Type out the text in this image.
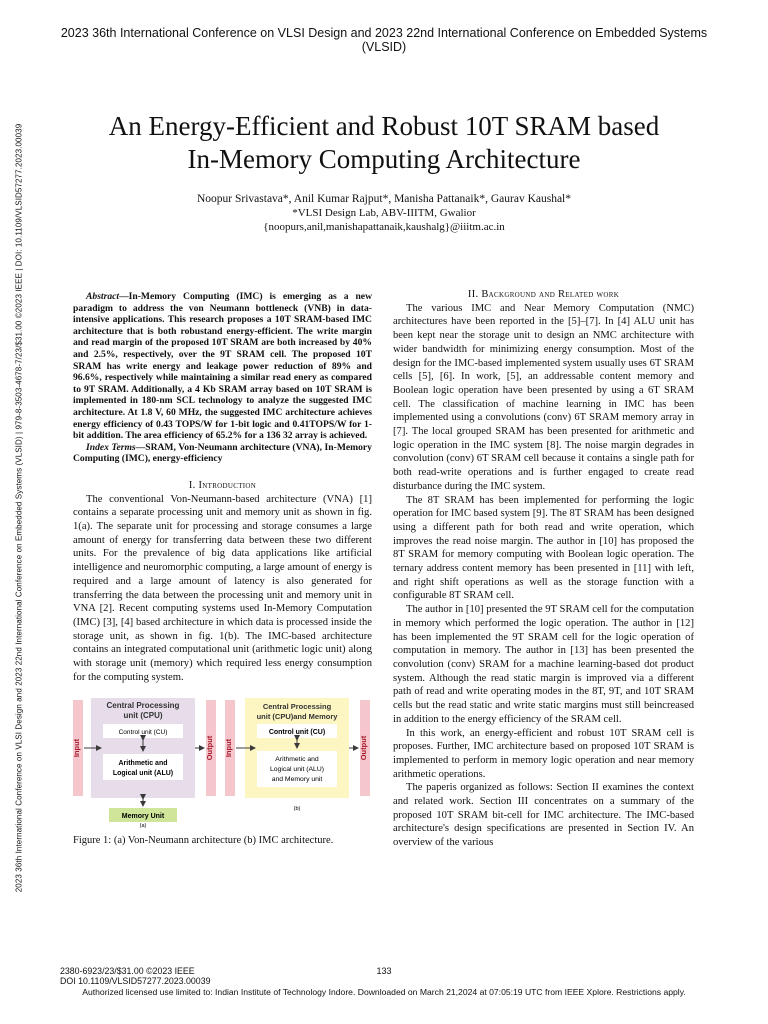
2023 36th International Conference on VLSI Design and 2023 22nd International Conference on Embedded Systems
(VLSID)
2023 36th International Conference on VLSI Design and 2023 22nd International Conference on Embedded Systems (VLSID) | 979-8-3503-4678-7/23/$31.00 ©2023 IEEE | DOI: 10.1109/VLSID57277.2023.00039	An Energy-Efficient and Robust 10T SRAM based
In-Memory Computing Architecture
Noopur Srivastava*, Anil Kumar Rajput*, Manisha Pattanaik*, Gaurav Kaushal*
*VLSI Design Lab, ABV-IIITM, Gwalior
{noopurs,anil,manishapattanaik,kaushalg}@iiitm.ac.in

Abstract—In-Memory Computing (IMC) is emerging as a new paradigm to address the von Neumann bottleneck (VNB) in data-intensive applications. This research proposes a 10T SRAM-based IMC architecture that is both robustand energy-efficient. The write margin and read margin of the proposed 10T SRAM are both increased by 40% and 2.5%, respectively, over the 9T SRAM cell. The proposed 10T SRAM has write energy and leakage power reduction of 89% and 96.6%, respectively while maintaining a similar read enery as compared to 9T SRAM. Additionally, a 4 Kb SRAM array based on 10T SRAM is implemented in 180-nm SCL technology to analyze the suggested IMC architecture. At 1.8 V, 60 MHz, the suggested IMC architecture achieves energy efficiency of 0.43 TOPS/W for 1-bit logic and 0.41TOPS/W for 1-bit addition. The area efficiency of 65.2% for a 136 32 array is achieved.

Index Terms—SRAM, Von-Neumann architecture (VNA), In-Memory Computing (IMC), energy-efficiency

I. Introduction

The conventional Von-Neumann-based architecture (VNA) [1] contains a separate processing unit and memory unit as shown in fig. 1(a). The separate unit for processing and storage consumes a large amount of energy for transferring data between these two different units. For the prevalence of big data applications like artificial intelligence and neuromorphic computing, a large amount of energy is required and a large amount of latency is also generated for transferring the data between the processing unit and memory unit in VNA [2]. Recent computing systems used In-Memory Computation (IMC) [3], [4] based architecture in which data is processed inside the storage unit, as shown in fig. 1(b). The IMC-based architecture contains an integrated computational unit (arithmetic logic unit) along with storage unit (memory) which required less energy consumption for the computing system.

Input
Central Processing
unit (CPU)
Control unit (CU)
Arithmetic and
Logical unit (ALU)
Output
Memory Unit
(a)
Input
Central Processing
unit (CPU)and Memory
Control unit (CU)
Arithmetic and
Logical unit (ALU)
and Memory unit
Output
(b)

Figure 1: (a) Von-Neumann architecture (b) IMC architecture.

II. Background and Related work

The various IMC and Near Memory Computation (NMC) architectures have been reported in the [5]–[7]. In [4] ALU unit has been kept near the storage unit to design an NMC architecture with wider bandwidth for minimizing energy consumption. Most of the design for the IMC-based implemented system usually uses 6T SRAM cells [5], [6]. In work, [5], an addressable content memory and Boolean logic operation have been presented by using a 6T SRAM cell. The classification of machine learning in IMC has been implemented using a convolutions (conv) 6T SRAM memory array in [7]. The local grouped SRAM has been presented for arithmetic and logic operation in the IMC system [8]. The noise margin degrades in convolution (conv) 6T SRAM cell because it contains a single path for both read-write operations and is further engaged to create read disturbance during the IMC system.

The 8T SRAM has been implemented for performing the logic operation for IMC based system [9]. The 8T SRAM has been designed using a different path for both read and write operation, which improves the read noise margin. The author in [10] has proposed the 8T SRAM for memory computing with Boolean logic operation. The ternary address content memory has been presented in [11] with left, and right shift operations as well as the storage function with a configurable 8T SRAM cell.

The author in [10] presented the 9T SRAM cell for the computation in memory which performed the logic operation. The author in [12] has been implemented the 9T SRAM cell for the logic operation of computation in memory. The author in [13] has been presented the convolution (conv) SRAM for a machine learning-based dot product system. Although the read static margin is improved via a different path of read and write operating modes in the 8T, 9T, and 10T SRAM cells but the read static and write static margins must still beincreased in addition to the energy efficiency of the SRAM cell.

In this work, an energy-efficient and robust 10T SRAM cell is proposes. Further, IMC architecture based on proposed 10T SRAM is implemented to perform in memory logic operation and near memory arithmetic operations.

The paperis organized as follows: Section II examines the context and related work. Section III concentrates on a summary of the proposed 10T SRAM bit-cell for IMC architecture. The IMC-based architecture's design specifications are presented in Section IV. An overview of the various

2380-6923/23/$31.00 ©2023 IEEE
DOI 10.1109/VLSID57277.2023.00039
133
Authorized licensed use limited to: Indian Institute of Technology Indore. Downloaded on March 21,2024 at 07:05:19 UTC from IEEE Xplore. Restrictions apply.
